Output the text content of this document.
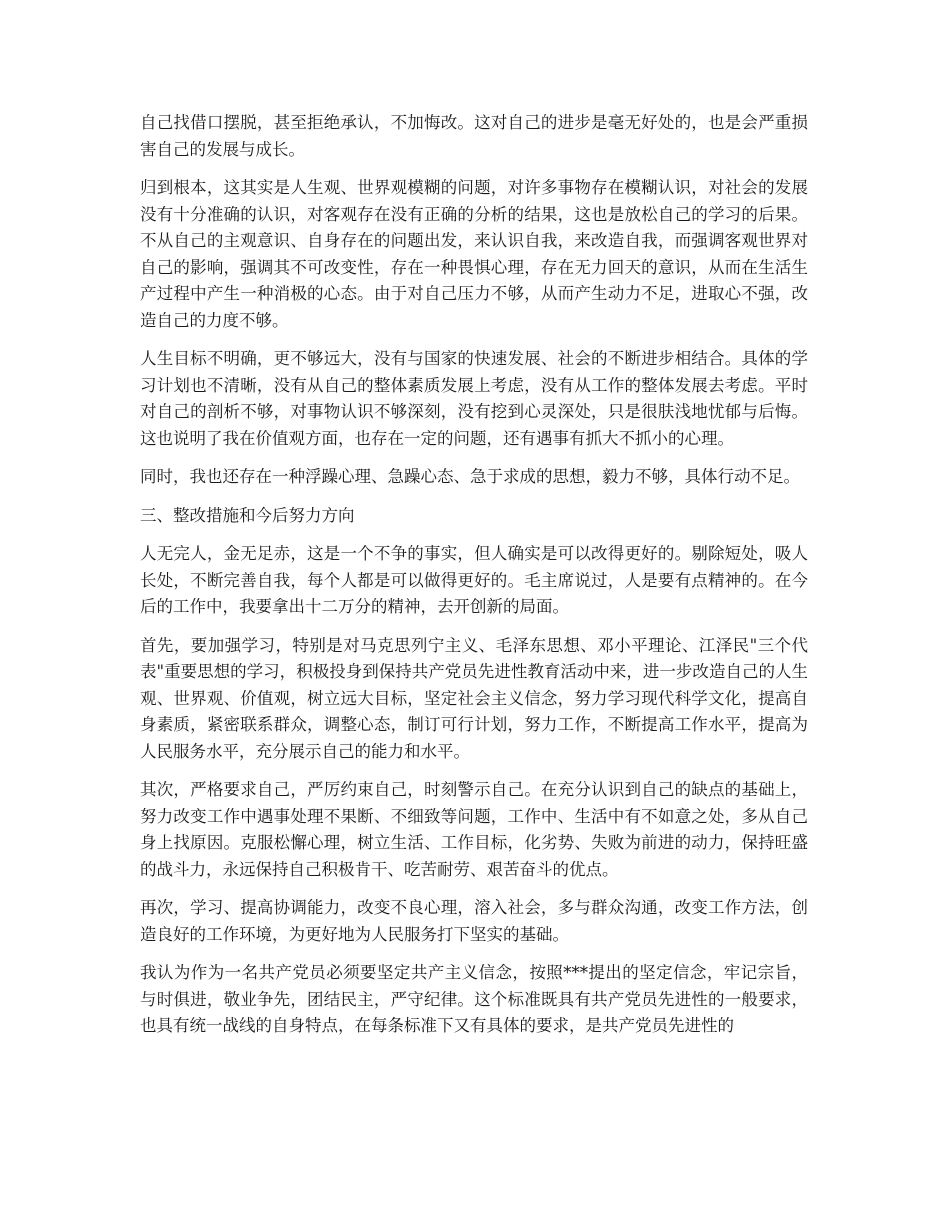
自己找借口摆脱，甚至拒绝承认，不加悔改。这对自己的进步是毫无好处的，也是会严重损害自己的发展与成长。

归到根本，这其实是人生观、世界观模糊的问题，对许多事物存在模糊认识，对社会的发展没有十分准确的认识，对客观存在没有正确的分析的结果，这也是放松自己的学习的后果。不从自己的主观意识、自身存在的问题出发，来认识自我，来改造自我，而强调客观世界对自己的影响，强调其不可改变性，存在一种畏惧心理，存在无力回天的意识，从而在生活生产过程中产生一种消极的心态。由于对自己压力不够，从而产生动力不足，进取心不强，改造自己的力度不够。

人生目标不明确，更不够远大，没有与国家的快速发展、社会的不断进步相结合。具体的学习计划也不清晰，没有从自己的整体素质发展上考虑，没有从工作的整体发展去考虑。平时对自己的剖析不够，对事物认识不够深刻，没有挖到心灵深处，只是很肤浅地忧郁与后悔。这也说明了我在价值观方面，也存在一定的问题，还有遇事有抓大不抓小的心理。

同时，我也还存在一种浮躁心理、急躁心态、急于求成的思想，毅力不够，具体行动不足。

三、整改措施和今后努力方向

人无完人，金无足赤，这是一个不争的事实，但人确实是可以改得更好的。剔除短处，吸人长处，不断完善自我，每个人都是可以做得更好的。毛主席说过，人是要有点精神的。在今后的工作中，我要拿出十二万分的精神，去开创新的局面。

首先，要加强学习，特别是对马克思列宁主义、毛泽东思想、邓小平理论、江泽民"三个代表"重要思想的学习，积极投身到保持共产党员先进性教育活动中来，进一步改造自己的人生观、世界观、价值观，树立远大目标，坚定社会主义信念，努力学习现代科学文化，提高自身素质，紧密联系群众，调整心态，制订可行计划，努力工作，不断提高工作水平，提高为人民服务水平，充分展示自己的能力和水平。

其次，严格要求自己，严厉约束自己，时刻警示自己。在充分认识到自己的缺点的基础上，努力改变工作中遇事处理不果断、不细致等问题，工作中、生活中有不如意之处，多从自己身上找原因。克服松懈心理，树立生活、工作目标，化劣势、失败为前进的动力，保持旺盛的战斗力，永远保持自己积极肯干、吃苦耐劳、艰苦奋斗的优点。

再次，学习、提高协调能力，改变不良心理，溶入社会，多与群众沟通，改变工作方法，创造良好的工作环境，为更好地为人民服务打下坚实的基础。

我认为作为一名共产党员必须要坚定共产主义信念，按照***提出的坚定信念，牢记宗旨，与时俱进，敬业争先，团结民主，严守纪律。这个标准既具有共产党员先进性的一般要求，也具有统一战线的自身特点，在每条标准下又有具体的要求，是共产党员先进性的
